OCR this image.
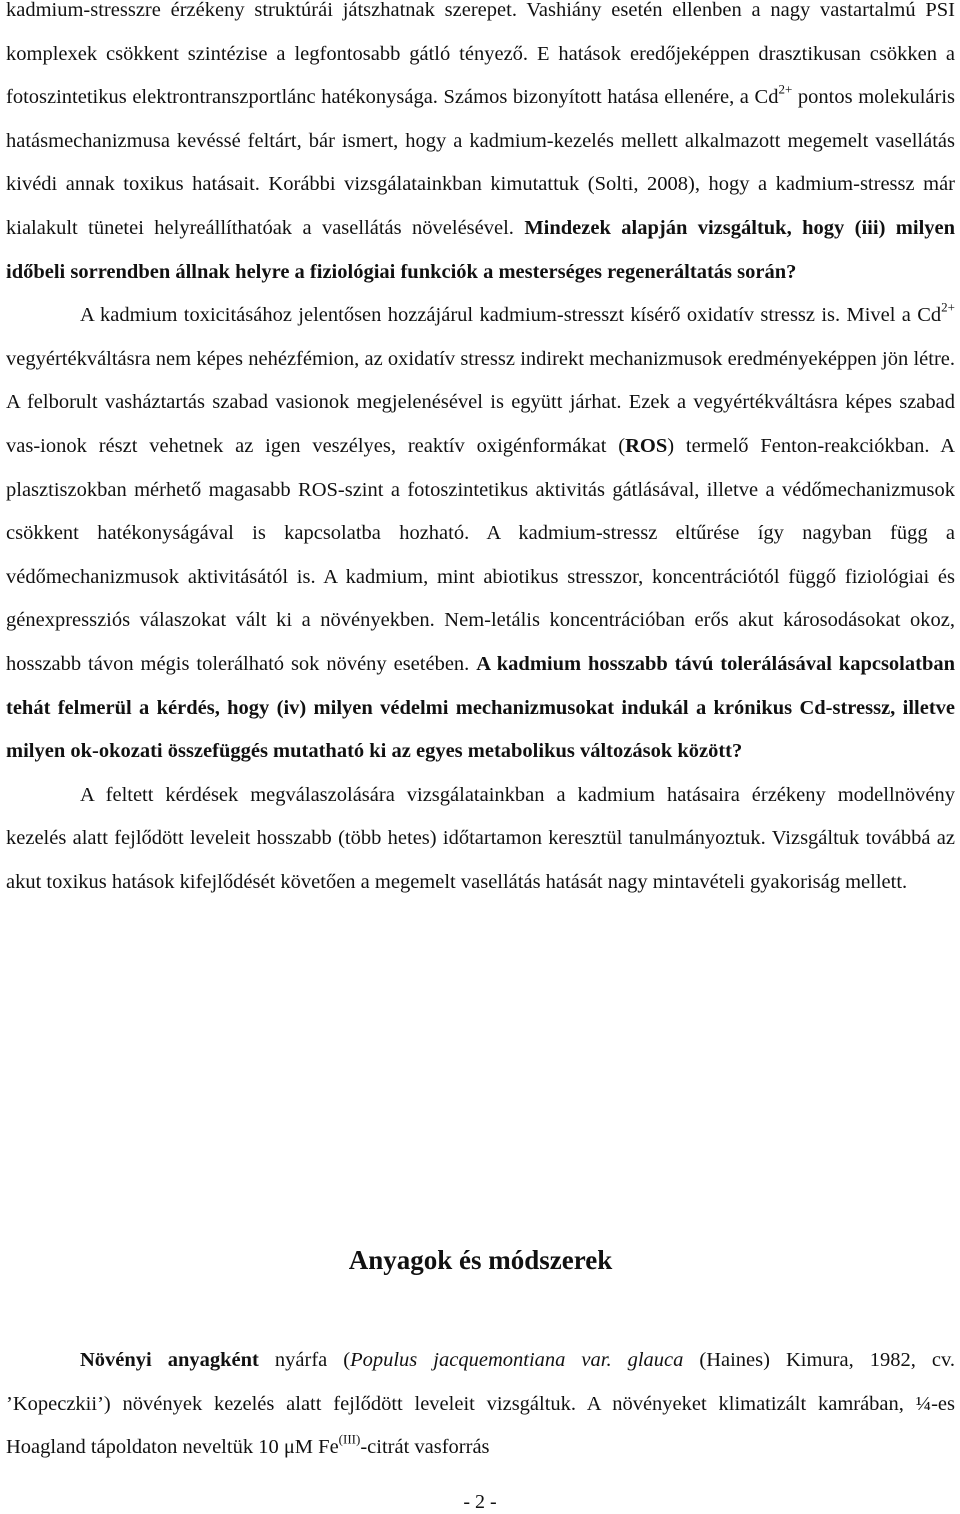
kadmium-stresszre érzékeny struktúrái játszhatnak szerepet. Vashiány esetén ellenben a nagy vastartalmú PSI komplexek csökkent szintézise a legfontosabb gátló tényező. E hatások eredőjeképpen drasztikusan csökken a fotoszintetikus elektrontranszportlánc hatékonysága. Számos bizonyított hatása ellenére, a $Cd^{2+}$ pontos molekuláris hatásmechanizmusa kevéssé feltárt, bár ismert, hogy a kadmium-kezelés mellett alkalmazott megemelt vasellátás kivédi annak toxikus hatásait. Korábbi vizsgálatainkban kimutattuk (Solti, 2008), hogy a kadmium-stressz már kialakult tünetei helyreállíthatóak a vasellátás növelésével. Mindezek alapján vizsgáltuk, hogy (iii) milyen időbeli sorrendben állnak helyre a fiziológiai funkciók a mesterséges regeneráltatás során?

A kadmium toxicitásához jelentősen hozzájárul kadmium-stresszt kísérő oxidatív stressz is. Mivel a $Cd^{2+}$ vegyértékváltásra nem képes nehézfémion, az oxidatív stressz indirekt mechanizmusok eredményeképpen jön létre. A felborult vasháztartás szabad vasionok megjelenésével is együtt járhat. Ezek a vegyértékváltásra képes szabad vas-ionok részt vehetnek az igen veszélyes, reaktív oxigénformákat (ROS) termelő Fenton-reakciókban. A plasztiszokban mérhető magasabb ROS-szint a fotoszintetikus aktivitás gátlásával, illetve a védőmechanizmusok csökkent hatékonyságával is kapcsolatba hozható. A kadmium-stressz eltűrése így nagyban függ a védőmechanizmusok aktivitásától is. A kadmium, mint abiotikus stresszor, koncentrációtól függő fiziológiai és génexpressziós válaszokat vált ki a növényekben. Nem-letális koncentrációban erős akut károsodásokat okoz, hosszabb távon mégis tolerálható sok növény esetében. A kadmium hosszabb távú tolerálásával kapcsolatban tehát felmerül a kérdés, hogy (iv) milyen védelmi mechanizmusokat indukál a krónikus Cd-stressz, illetve milyen ok-okozati összefüggés mutatható ki az egyes metabolikus változások között?

A feltett kérdések megválaszolására vizsgálatainkban a kadmium hatásaira érzékeny modellnövény kezelés alatt fejlődött leveleit hosszabb (több hetes) időtartamon keresztül tanulmányoztuk. Vizsgáltuk továbbá az akut toxikus hatások kifejlődését követően a megemelt vasellátás hatását nagy mintavételi gyakoriság mellett.

Anyagok és módszerek

Növényi anyagként nyárfa (Populus jacquemontiana var. glauca (Haines) Kimura, 1982, cv. ’Kopeczkii’) növények kezelés alatt fejlődött leveleit vizsgáltuk. A növényeket klimatizált kamrában, ¼-es Hoagland tápoldaton neveltük 10 μM $Fe^{(III)}$-citrát vasforrás

- 2 -
